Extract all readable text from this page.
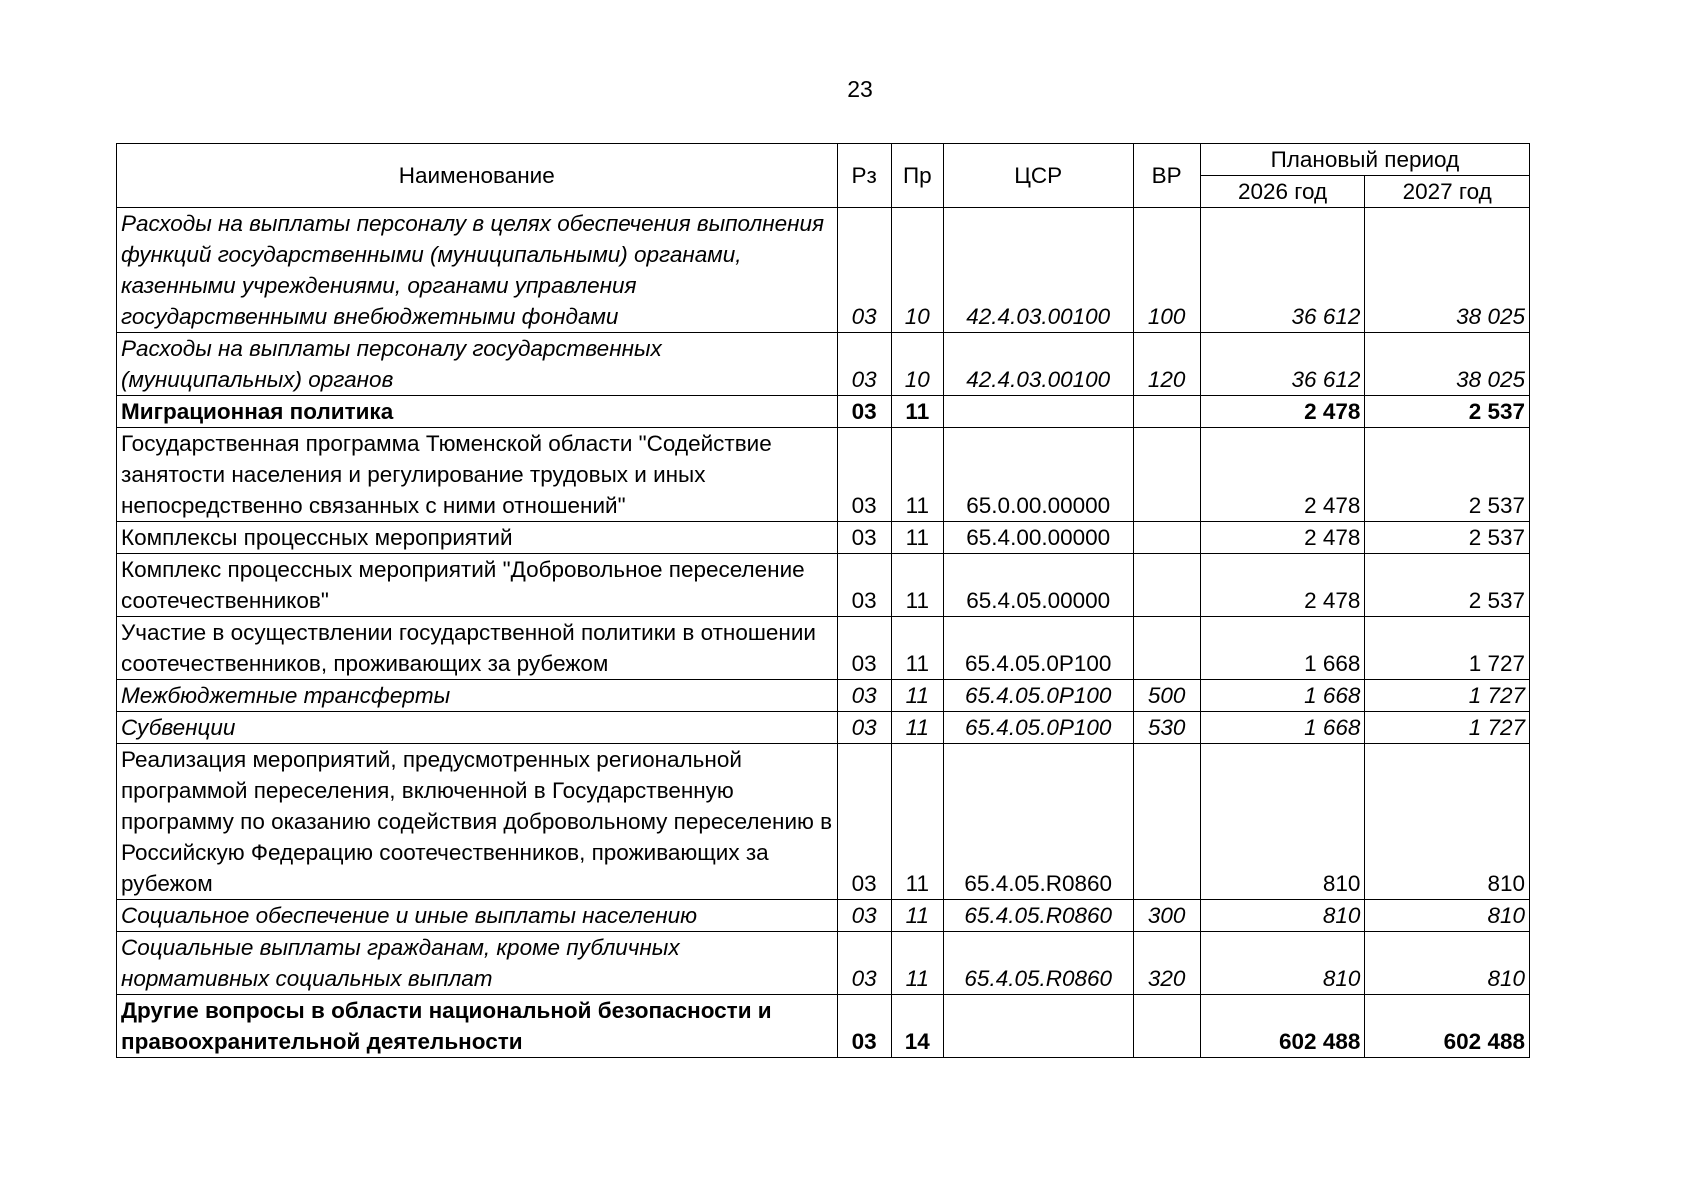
23
Наименование	Рз	Пр	ЦСР	ВР	Плановый период	
					2026 год	2027 год
Расходы на выплаты персоналу в целях обеспечения выполнения функций государственными (муниципальными) органами, казенными учреждениями, органами управления государственными внебюджетными фондами	03	10	42.4.03.00100	100	36 612	38 025
Расходы на выплаты персоналу государственных (муниципальных) органов	03	10	42.4.03.00100	120	36 612	38 025
Миграционная политика	03	11			2 478	2 537
Государственная программа Тюменской области "Содействие занятости населения и регулирование трудовых и иных непосредственно связанных с ними отношений"	03	11	65.0.00.00000		2 478	2 537
Комплексы процессных мероприятий	03	11	65.4.00.00000		2 478	2 537
Комплекс процессных мероприятий "Добровольное переселение соотечественников"	03	11	65.4.05.00000		2 478	2 537
Участие в осуществлении государственной политики в отношении соотечественников, проживающих за рубежом	03	11	65.4.05.0Р100		1 668	1 727
Межбюджетные трансферты	03	11	65.4.05.0Р100	500	1 668	1 727
Субвенции	03	11	65.4.05.0Р100	530	1 668	1 727
Реализация мероприятий, предусмотренных региональной программой переселения, включенной в Государственную программу по оказанию содействия добровольному переселению в Российскую Федерацию соотечественников, проживающих за рубежом	03	11	65.4.05.R0860		810	810
Социальное обеспечение и иные выплаты населению	03	11	65.4.05.R0860	300	810	810
Социальные выплаты гражданам, кроме публичных нормативных социальных выплат	03	11	65.4.05.R0860	320	810	810
Другие вопросы в области национальной безопасности и правоохранительной деятельности	03	14			602 488	602 488
